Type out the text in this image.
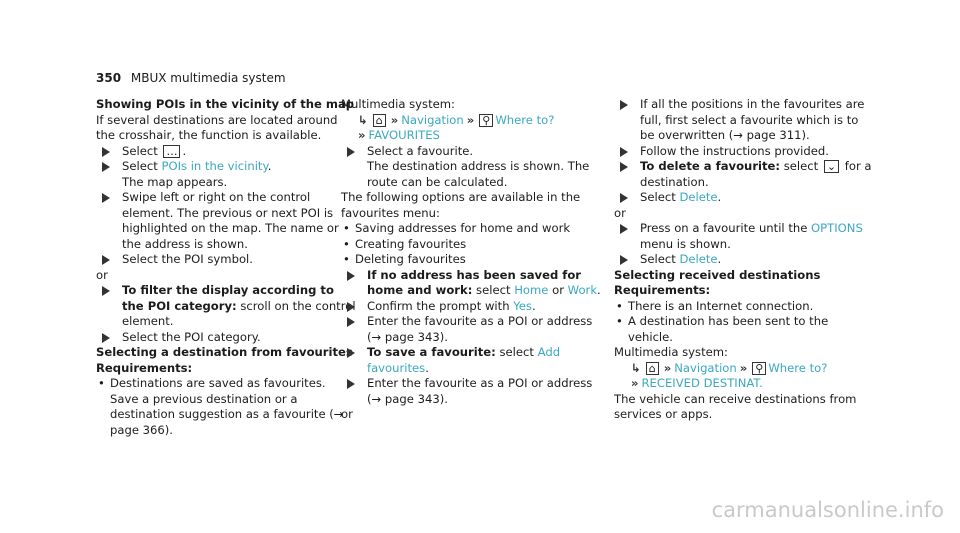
350 MBUX multimedia system

Showing POIs in the vicinity of the map

If several destinations are located around the crosshair, the function is available.

Select … .

Select POIs in the vicinity.
The map appears.

Swipe left or right on the control element. The previous or next POI is highlighted on the map. The name or the address is shown.

Select the POI symbol.

or

To filter the display according to the POI category: scroll on the control element.

Select the POI category.

Selecting a destination from favourites

Requirements:

• Destinations are saved as favourites.

Save a previous destination or a destination suggestion as a favourite (→ page 366).

Multimedia system:

↳ ⌂ » Navigation » ⚲ Where to?
» FAVOURITES

Select a favourite.
The destination address is shown. The route can be calculated.

The following options are available in the favourites menu:

• Saving addresses for home and work

• Creating favourites

• Deleting favourites

If no address has been saved for home and work: select Home or Work.

Confirm the prompt with Yes.

Enter the favourite as a POI or address (→ page 343).

To save a favourite: select Add favourites.

Enter the favourite as a POI or address (→ page 343).

or

If all the positions in the favourites are full, first select a favourite which is to be overwritten (→ page 311).

Follow the instructions provided.

To delete a favourite: select ⌄ for a destination.

Select Delete.

or

Press on a favourite until the OPTIONS menu is shown.

Select Delete.

Selecting received destinations

Requirements:

• There is an Internet connection.

• A destination has been sent to the vehicle.

Multimedia system:

↳ ⌂ » Navigation » ⚲ Where to?
» RECEIVED DESTINAT.

The vehicle can receive destinations from services or apps.

carmanualsonline.info
